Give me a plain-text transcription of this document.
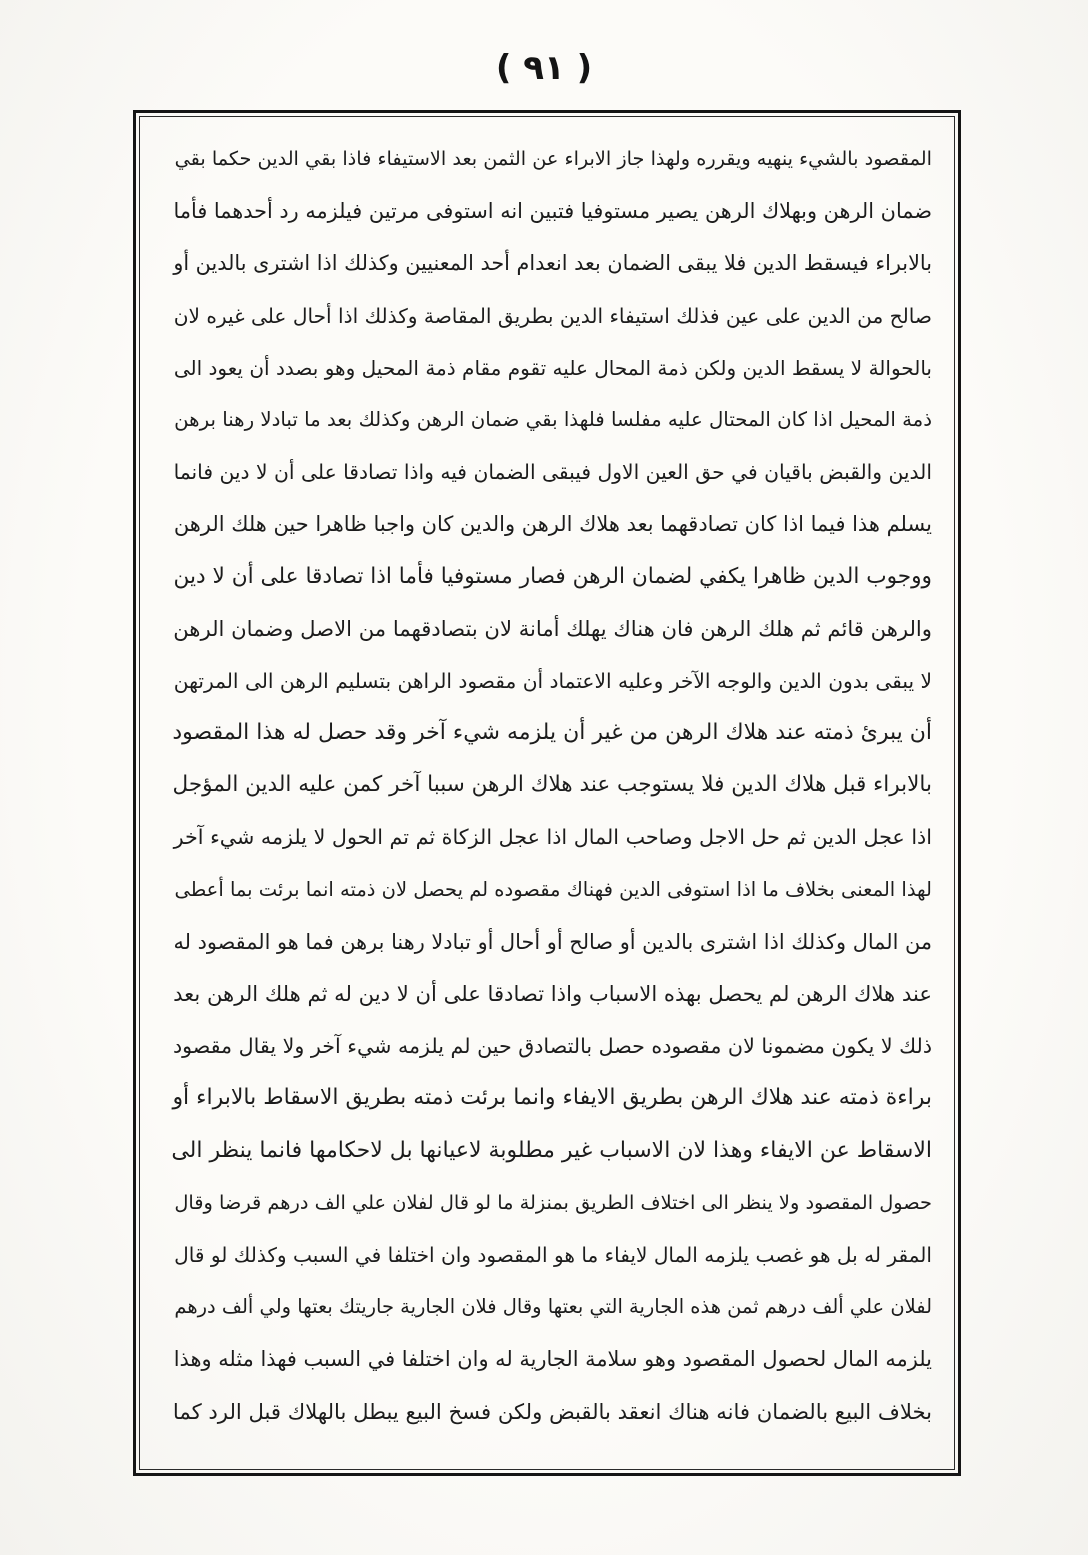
( ٩١ )
المقصود بالشيء ينهيه ويقرره ولهذا جاز الابراء عن الثمن بعد الاستيفاء فاذا بقي الدين حكما بقي
ضمان الرهن وبهلاك الرهن يصير مستوفيا فتبين انه استوفى مرتين فيلزمه رد أحدهما فأما
بالابراء فيسقط الدين فلا يبقى الضمان بعد انعدام أحد المعنيين وكذلك اذا اشترى بالدين أو
صالح من الدين على عين فذلك استيفاء الدين بطريق المقاصة وكذلك اذا أحال على غيره لان
بالحوالة لا يسقط الدين ولكن ذمة المحال عليه تقوم مقام ذمة المحيل وهو بصدد أن يعود الى
ذمة المحيل اذا كان المحتال عليه مفلسا فلهذا بقي ضمان الرهن وكذلك بعد ما تبادلا رهنا برهن
الدين والقبض باقيان في حق العين الاول فيبقى الضمان فيه واذا تصادقا على أن لا دين فانما
يسلم هذا فيما اذا كان تصادقهما بعد هلاك الرهن والدين كان واجبا ظاهرا حين هلك الرهن
ووجوب الدين ظاهرا يكفي لضمان الرهن فصار مستوفيا فأما اذا تصادقا على أن لا دين
والرهن قائم ثم هلك الرهن فان هناك يهلك أمانة لان بتصادقهما من الاصل وضمان الرهن
لا يبقى بدون الدين والوجه الآخر وعليه الاعتماد أن مقصود الراهن بتسليم الرهن الى المرتهن
أن يبرئ ذمته عند هلاك الرهن من غير أن يلزمه شيء آخر وقد حصل له هذا المقصود
بالابراء قبل هلاك الدين فلا يستوجب عند هلاك الرهن سببا آخر كمن عليه الدين المؤجل
اذا عجل الدين ثم حل الاجل وصاحب المال اذا عجل الزكاة ثم تم الحول لا يلزمه شيء آخر
لهذا المعنى بخلاف ما اذا استوفى الدين فهناك مقصوده لم يحصل لان ذمته انما برئت بما أعطى
من المال وكذلك اذا اشترى بالدين أو صالح أو أحال أو تبادلا رهنا برهن فما هو المقصود له
عند هلاك الرهن لم يحصل بهذه الاسباب واذا تصادقا على أن لا دين له ثم هلك الرهن بعد
ذلك لا يكون مضمونا لان مقصوده حصل بالتصادق حين لم يلزمه شيء آخر ولا يقال مقصود
براءة ذمته عند هلاك الرهن بطريق الايفاء وانما برئت ذمته بطريق الاسقاط بالابراء أو
الاسقاط عن الايفاء وهذا لان الاسباب غير مطلوبة لاعيانها بل لاحكامها فانما ينظر الى
حصول المقصود ولا ينظر الى اختلاف الطريق بمنزلة ما لو قال لفلان علي الف درهم قرضا وقال
المقر له بل هو غصب يلزمه المال لايفاء ما هو المقصود وان اختلفا في السبب وكذلك لو قال
لفلان علي ألف درهم ثمن هذه الجارية التي بعتها وقال فلان الجارية جاريتك بعتها ولي ألف درهم
يلزمه المال لحصول المقصود وهو سلامة الجارية له وان اختلفا في السبب فهذا مثله وهذا
بخلاف البيع بالضمان فانه هناك انعقد بالقبض ولكن فسخ البيع يبطل بالهلاك قبل الرد كما
